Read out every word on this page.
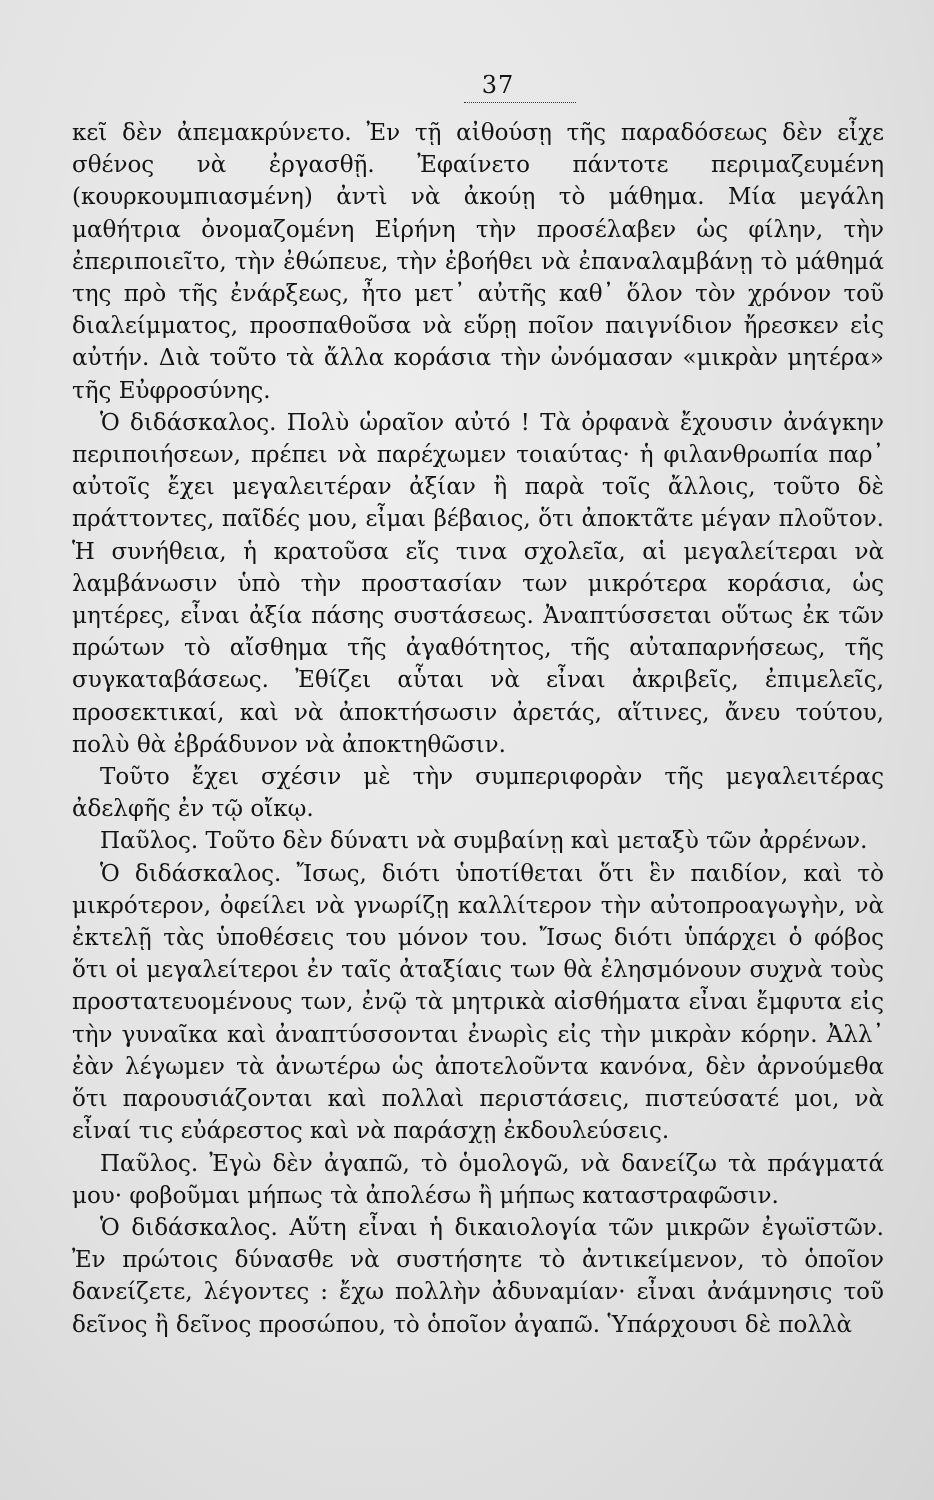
37

κεῖ δὲν ἀπεμακρύνετο. Ἐν τῇ αἰθούσῃ τῆς παραδόσεως δὲν εἶχε σθένος νὰ ἐργασθῇ. Ἐφαίνετο πάντοτε περιμαζευμένη (κουρκουμπιασμένη) ἀντὶ νὰ ἀκούῃ τὸ μάθημα. Μία μεγάλη μαθήτρια ὀνομαζομένη Εἰρήνη τὴν προσέλαβεν ὡς φίλην, τὴν ἐπεριποιεῖτο, τὴν ἐθώπευε, τὴν ἐβοήθει νὰ ἐπαναλαμβάνῃ τὸ μάθημά της πρὸ τῆς ἐνάρξεως, ἦτο μετ᾽ αὐτῆς καθ᾽ ὅλον τὸν χρόνον τοῦ διαλείμματος, προσπαθοῦσα νὰ εὕρῃ ποῖον παιγνίδιον ἤρεσκεν εἰς αὐτήν. Διὰ τοῦτο τὰ ἄλλα κοράσια τὴν ὠνόμασαν «μικρὰν μητέρα» τῆς Εὐφροσύνης.

Ὁ διδάσκαλος. Πολὺ ὡραῖον αὐτό ! Τὰ ὀρφανὰ ἔχουσιν ἀνάγκην περιποιήσεων, πρέπει νὰ παρέχωμεν τοιαύτας· ἡ φιλανθρωπία παρ᾽ αὐτοῖς ἔχει μεγαλειτέραν ἀξίαν ἢ παρὰ τοῖς ἄλλοις, τοῦτο δὲ πράττοντες, παῖδές μου, εἶμαι βέβαιος, ὅτι ἀποκτᾶτε μέγαν πλοῦτον. Ἡ συνήθεια, ἡ κρατοῦσα εἴς τινα σχολεῖα, αἱ μεγαλείτεραι νὰ λαμβάνωσιν ὑπὸ τὴν προστασίαν των μικρότερα κοράσια, ὡς μητέρες, εἶναι ἀξία πάσης συστάσεως. Ἀναπτύσσεται οὕτως ἐκ τῶν πρώτων τὸ αἴσθημα τῆς ἀγαθότητος, τῆς αὐταπαρνήσεως, τῆς συγκαταβάσεως. Ἐθίζει αὗται νὰ εἶναι ἀκριβεῖς, ἐπιμελεῖς, προσεκτικαί, καὶ νὰ ἀποκτήσωσιν ἀρετάς, αἵτινες, ἄνευ τούτου, πολὺ θὰ ἐβράδυνον νὰ ἀποκτηθῶσιν.

Τοῦτο ἔχει σχέσιν μὲ τὴν συμπεριφορὰν τῆς μεγαλειτέρας ἀδελφῆς ἐν τῷ οἴκῳ.

Παῦλος. Τοῦτο δὲν δύνατι νὰ συμβαίνῃ καὶ μεταξὺ τῶν ἀρρένων.

Ὁ διδάσκαλος. Ἴσως, διότι ὑποτίθεται ὅτι ἓν παιδίον, καὶ τὸ μικρότερον, ὀφείλει νὰ γνωρίζῃ καλλίτερον τὴν αὐτοπροαγωγὴν, νὰ ἐκτελῇ τὰς ὑποθέσεις του μόνον του. Ἴσως διότι ὑπάρχει ὁ φόβος ὅτι οἱ μεγαλείτεροι ἐν ταῖς ἀταξίαις των θὰ ἐλησμόνουν συχνὰ τοὺς προστατευομένους των, ἐνῷ τὰ μητρικὰ αἰσθήματα εἶναι ἔμφυτα εἰς τὴν γυναῖκα καὶ ἀναπτύσσονται ἐνωρὶς εἰς τὴν μικρὰν κόρην. Ἀλλ᾽ ἐὰν λέγωμεν τὰ ἀνωτέρω ὡς ἀποτελοῦντα κανόνα, δὲν ἀρνούμεθα ὅτι παρουσιάζονται καὶ πολλαὶ περιστάσεις, πιστεύσατέ μοι, νὰ εἶναί τις εὐάρεστος καὶ νὰ παράσχῃ ἐκδουλεύσεις.

Παῦλος. Ἐγὼ δὲν ἀγαπῶ, τὸ ὁμολογῶ, νὰ δανείζω τὰ πράγματά μου· φοβοῦμαι μήπως τὰ ἀπολέσω ἢ μήπως καταστραφῶσιν.

Ὁ διδάσκαλος. Αὕτη εἶναι ἡ δικαιολογία τῶν μικρῶν ἐγωϊστῶν. Ἐν πρώτοις δύνασθε νὰ συστήσητε τὸ ἀντικείμενον, τὸ ὁποῖον δανείζετε, λέγοντες : ἔχω πολλὴν ἀδυναμίαν· εἶναι ἀνάμνησις τοῦ δεῖνος ἢ δεῖνος προσώπου, τὸ ὁποῖον ἀγαπῶ. Ὑπάρχουσι δὲ πολλὰ
